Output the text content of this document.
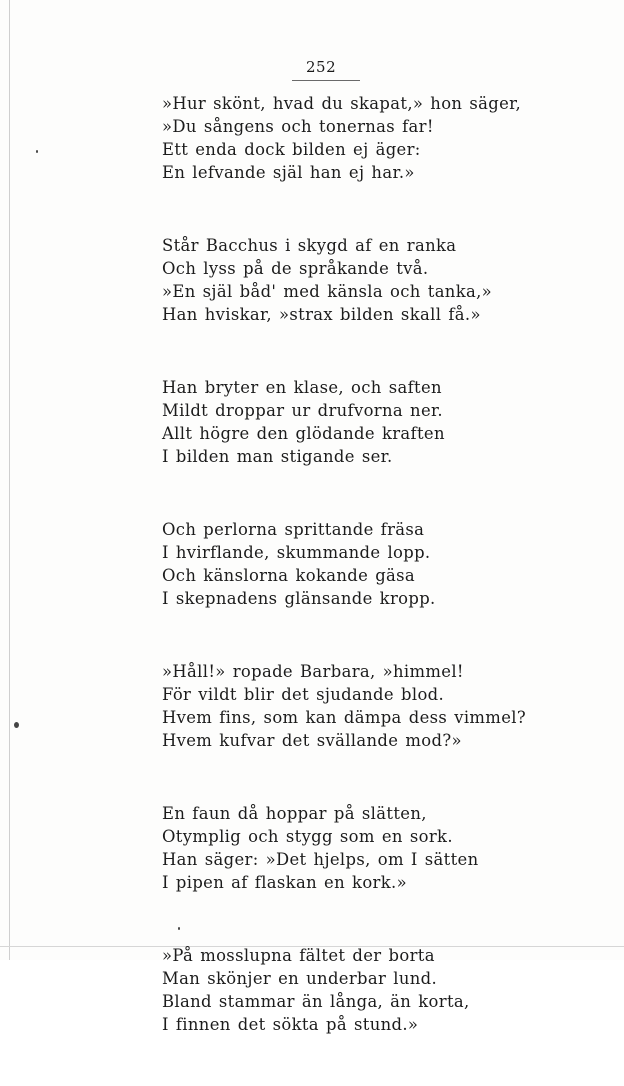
252
»Hur skönt, hvad du skapat,» hon säger,
»Du sångens och tonernas far!
Ett enda dock bilden ej äger:
En lefvande själ han ej har.»
Står Bacchus i skygd af en ranka
Och lyss på de språkande två.
»En själ båd' med känsla och tanka,»
Han hviskar, »strax bilden skall få.»
Han bryter en klase, och saften
Mildt droppar ur drufvorna ner.
Allt högre den glödande kraften
I bilden man stigande ser.
Och perlorna sprittande fräsa
I hvirflande, skummande lopp.
Och känslorna kokande gäsa
I skepnadens glänsande kropp.
»Håll!» ropade Barbara, »himmel!
För vildt blir det sjudande blod.
Hvem fins, som kan dämpa dess vimmel?
Hvem kufvar det svällande mod?»
En faun då hoppar på slätten,
Otymplig och stygg som en sork.
Han säger: »Det hjelps, om I sätten
I pipen af flaskan en kork.»
»På mosslupna fältet der borta
Man skönjer en underbar lund.
Bland stammar än långa, än korta,
I finnen det sökta på stund.»
